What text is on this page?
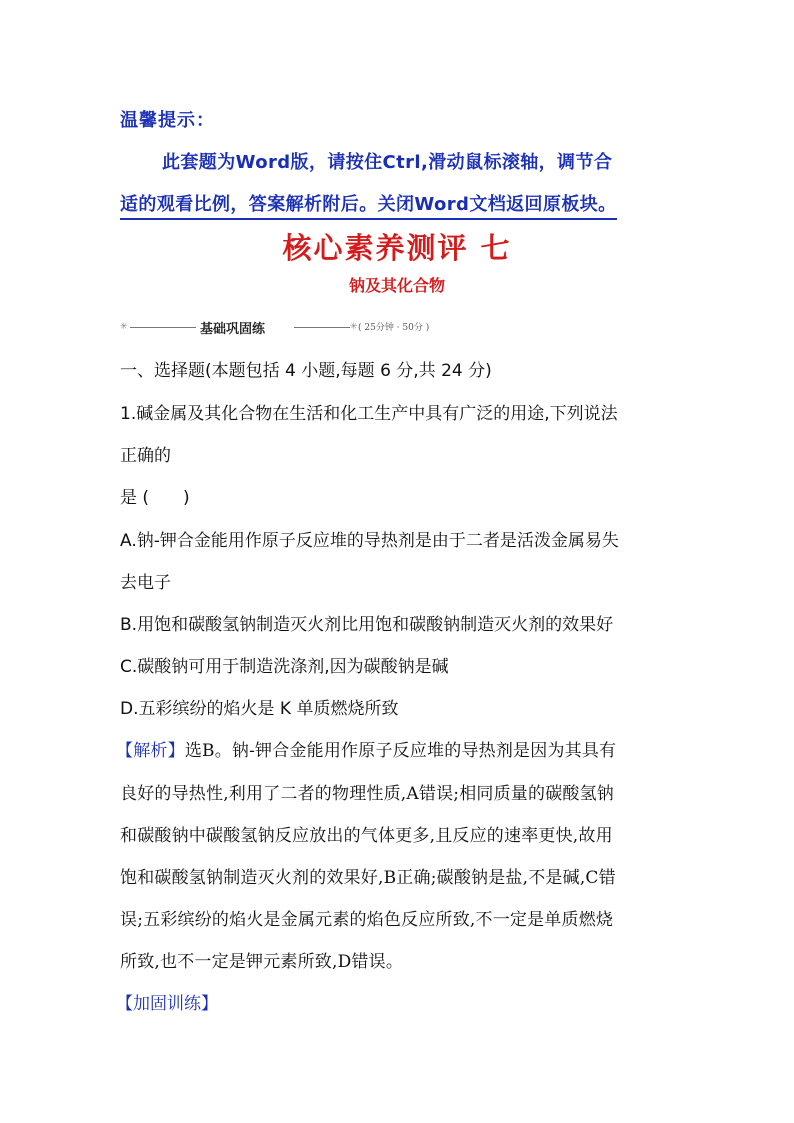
温馨提示：
此套题为Word版，请按住Ctrl,滑动鼠标滚轴，调节合
适的观看比例，答案解析附后。关闭Word文档返回原板块。
核心素养测评 七
钠及其化合物
✳	基础巩固练	✳ ( 25分钟 · 50分 )
一、选择题(本题包括 4 小题,每题 6 分,共 24 分)
1.碱金属及其化合物在生活和化工生产中具有广泛的用途,下列说法
正确的
是 (　　)
A.钠-钾合金能用作原子反应堆的导热剂是由于二者是活泼金属易失
去电子
B.用饱和碳酸氢钠制造灭火剂比用饱和碳酸钠制造灭火剂的效果好
C.碳酸钠可用于制造洗涤剂,因为碳酸钠是碱
D.五彩缤纷的焰火是 K 单质燃烧所致
【解析】选B。钠-钾合金能用作原子反应堆的导热剂是因为其具有
良好的导热性,利用了二者的物理性质,A错误;相同质量的碳酸氢钠
和碳酸钠中碳酸氢钠反应放出的气体更多,且反应的速率更快,故用
饱和碳酸氢钠制造灭火剂的效果好,B正确;碳酸钠是盐,不是碱,C错
误;五彩缤纷的焰火是金属元素的焰色反应所致,不一定是单质燃烧
所致,也不一定是钾元素所致,D错误。
【加固训练】
